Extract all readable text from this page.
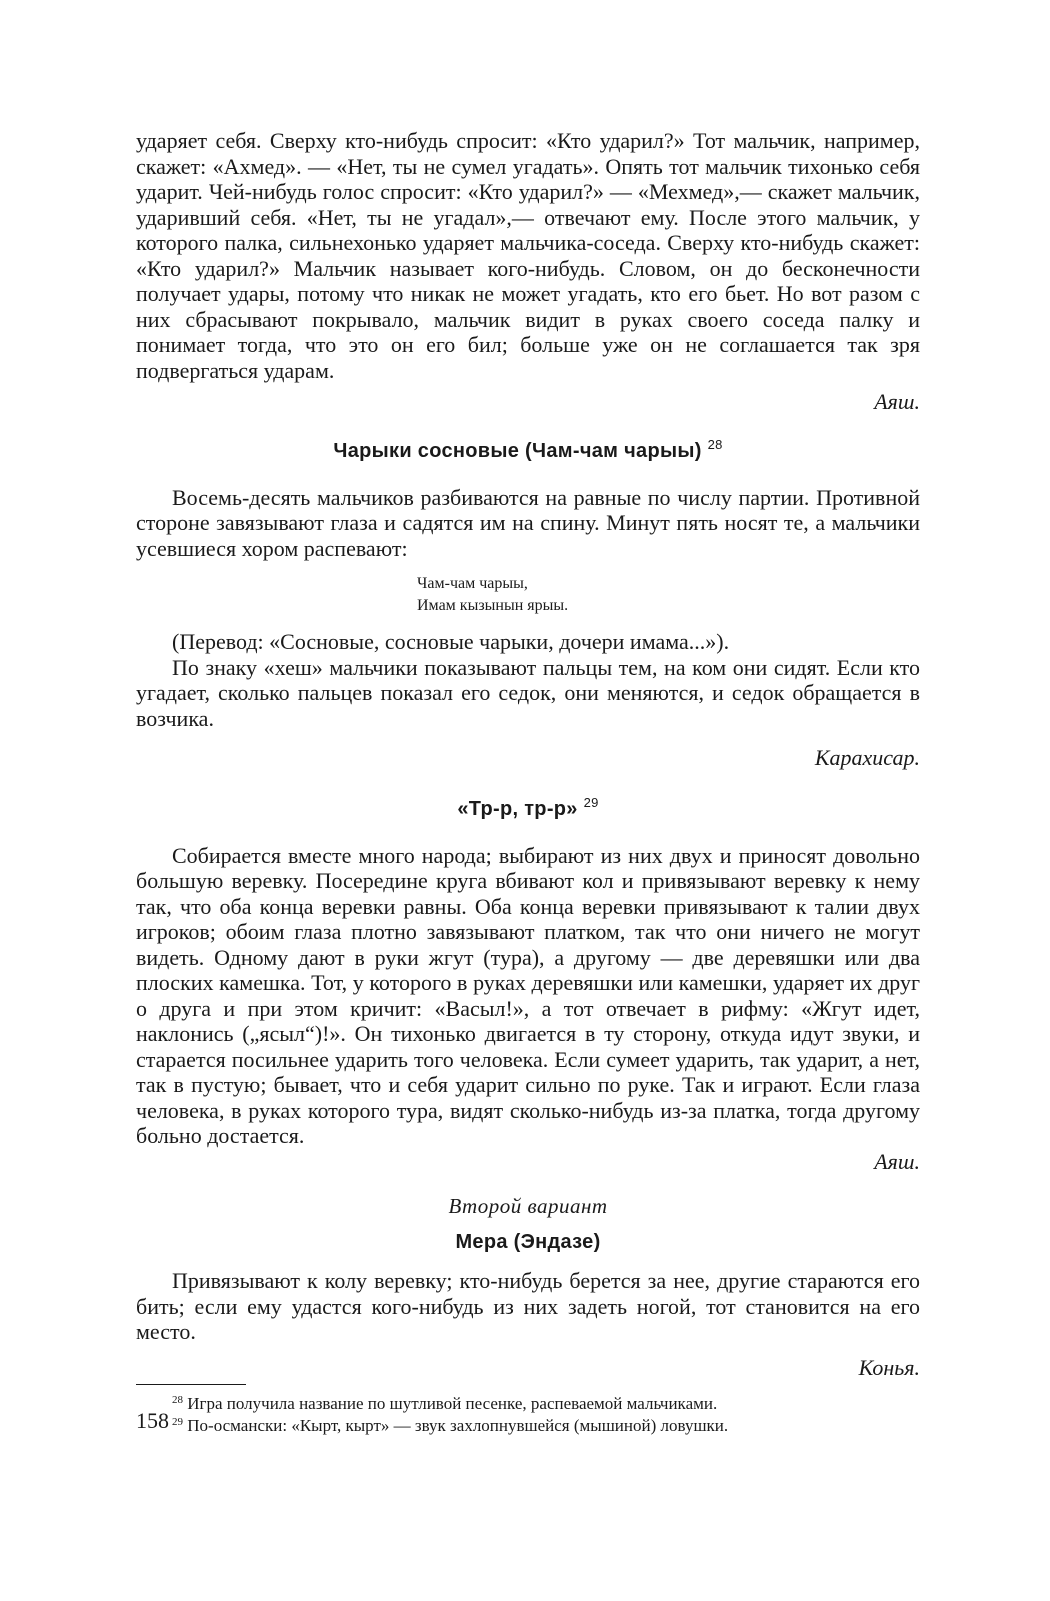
ударяет себя. Сверху кто-нибудь спросит: «Кто ударил?» Тот мальчик, например, скажет: «Ахмед». — «Нет, ты не сумел угадать». Опять тот мальчик тихонько себя ударит. Чей-нибудь голос спросит: «Кто ударил?» — «Мехмед»,— скажет мальчик, ударивший себя. «Нет, ты не угадал»,— отвечают ему. После этого мальчик, у которого палка, сильнехонько ударяет мальчика-соседа. Сверху кто-нибудь скажет: «Кто ударил?» Мальчик называет кого-нибудь. Словом, он до бесконечности получает удары, потому что никак не может угадать, кто его бьет. Но вот разом с них сбрасывают покрывало, мальчик видит в руках своего соседа палку и понимает тогда, что это он его бил; больше уже он не соглашается так зря подвергаться ударам.

Аяш.

Чарыки сосновые (Чам-чам чарыы) $^{28}$

Восемь-десять мальчиков разбиваются на равные по числу партии. Противной стороне завязывают глаза и садятся им на спину. Минут пять носят те, а мальчики усевшиеся хором распевают:

Чам-чам чарыы,

Имам кызынын ярыы.

(Перевод: «Сосновые, сосновые чарыки, дочери имама...»).

По знаку «хеш» мальчики показывают пальцы тем, на ком они сидят. Если кто угадает, сколько пальцев показал его седок, они меняются, и седок обращается в возчика.

Карахисар.

«Тр-р, тр-р» $^{29}$

Собирается вместе много народа; выбирают из них двух и приносят довольно большую веревку. Посередине круга вбивают кол и привязывают веревку к нему так, что оба конца веревки равны. Оба конца веревки привязывают к талии двух игроков; обоим глаза плотно завязывают платком, так что они ничего не могут видеть. Одному дают в руки жгут (тура), а другому — две деревяшки или два плоских камешка. Тот, у которого в руках деревяшки или камешки, ударяет их друг о друга и при этом кричит: «Васыл!», а тот отвечает в рифму: «Жгут идет, наклонись („ясыл“)!». Он тихонько двигается в ту сторону, откуда идут звуки, и старается посильнее ударить того человека. Если сумеет ударить, так ударит, а нет, так в пустую; бывает, что и себя ударит сильно по руке. Так и играют. Если глаза человека, в руках которого тура, видят сколько-нибудь из-за платка, тогда другому больно достается.

Аяш.

Второй вариант

Мера (Эндазе)

Привязывают к колу веревку; кто-нибудь берется за нее, другие стараются его бить; если ему удастся кого-нибудь из них задеть ногой, тот становится на его место.

Конья.

$^{28}$ Игра получила название по шутливой песенке, распеваемой мальчиками.

$^{29}$ По-османски: «Кырт, кырт» — звук захлопнувшейся (мышиной) ловушки.

158
